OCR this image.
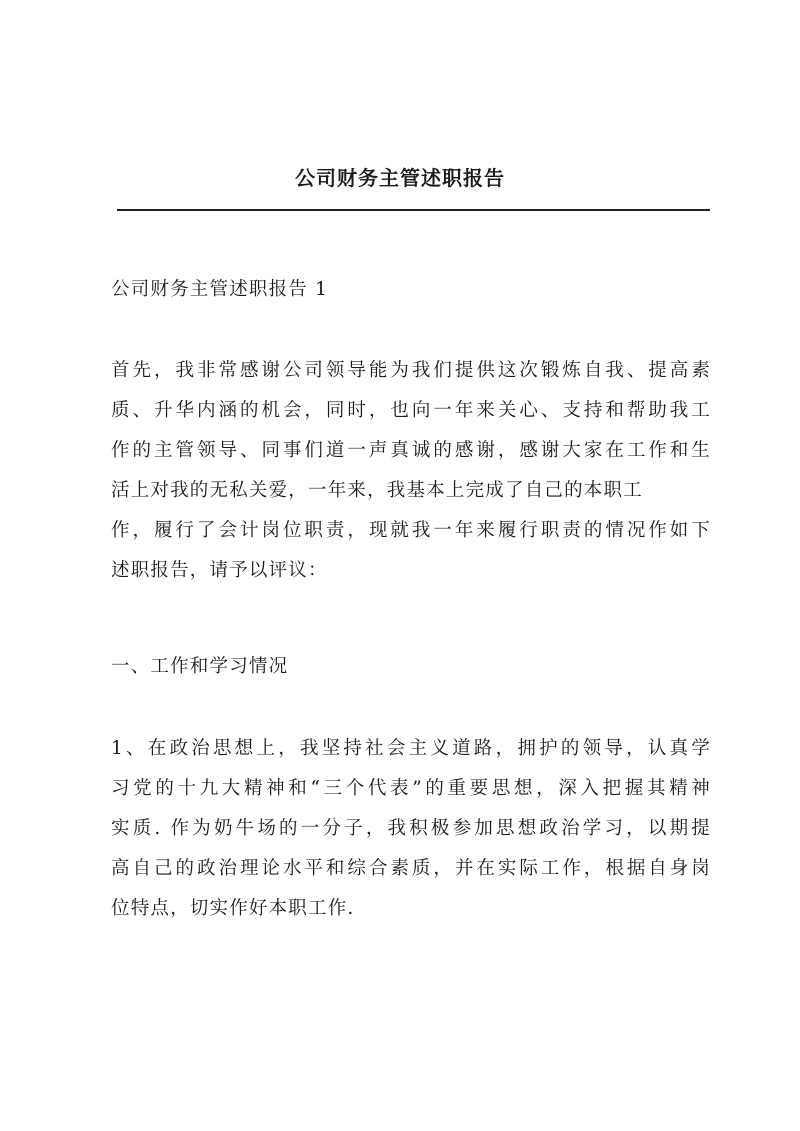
公司财务主管述职报告

公司财务主管述职报告 1

首先，我非常感谢公司领导能为我们提供这次锻炼自我、提高素
质、升华内涵的机会，同时，也向一年来关心、支持和帮助我工
作的主管领导、同事们道一声真诚的感谢，感谢大家在工作和生
活上对我的无私关爱，一年来，我基本上完成了自己的本职工
作，履行了会计岗位职责，现就我一年来履行职责的情况作如下
述职报告，请予以评议：

一、工作和学习情况

1、在政治思想上，我坚持社会主义道路，拥护的领导，认真学
习党的十九大精神和“三个代表”的重要思想，深入把握其精神
实质. 作为奶牛场的一分子，我积极参加思想政治学习，以期提
高自己的政治理论水平和综合素质，并在实际工作，根据自身岗
位特点，切实作好本职工作.
